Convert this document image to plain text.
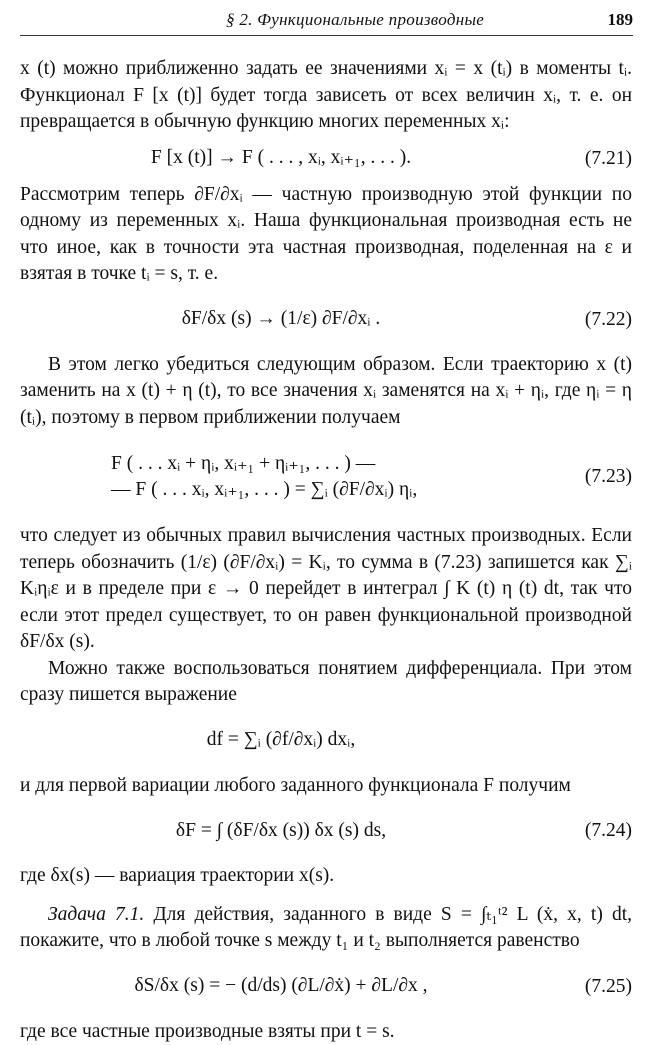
§ 2. Функциональные производные	189

x (t) можно приближенно задать ее значениями xᵢ = x (tᵢ) в моменты tᵢ. Функционал F [x (t)] будет тогда зависеть от всех величин xᵢ, т. е. он превращается в обычную функцию многих переменных xᵢ:

F [x (t)] → F ( . . . , xᵢ, xᵢ₊₁, . . . ).	(7.21)

Рассмотрим теперь ∂F/∂xᵢ — частную производную этой функции по одному из переменных xᵢ. Наша функциональная производная есть не что иное, как в точности эта частная производная, поделенная на ε и взятая в точке tᵢ = s, т. е.

δF/δx (s) → (1/ε) ∂F/∂xᵢ .	(7.22)

В этом легко убедиться следующим образом. Если траекторию x (t) заменить на x (t) + η (t), то все значения xᵢ заменятся на xᵢ + ηᵢ, где ηᵢ = η (tᵢ), поэтому в первом приближении получаем

F ( . . . xᵢ + ηᵢ, xᵢ₊₁ + ηᵢ₊₁, . . . ) —
— F ( . . . xᵢ, xᵢ₊₁, . . . ) = ∑ᵢ (∂F/∂xᵢ) ηᵢ,
(7.23)

что следует из обычных правил вычисления частных производных. Если теперь обозначить (1/ε) (∂F/∂xᵢ) = Kᵢ, то сумма в (7.23) запишется как ∑ᵢ Kᵢηᵢε и в пределе при ε → 0 перейдет в интеграл ∫ K (t) η (t) dt, так что если этот предел существует, то он равен функциональной производной δF/δx (s).

Можно также воспользоваться понятием дифференциала. При этом сразу пишется выражение

df = ∑ᵢ (∂f/∂xᵢ) dxᵢ,

и для первой вариации любого заданного функционала F получим

δF = ∫ (δF/δx (s)) δx (s) ds,	(7.24)

где δx(s) — вариация траектории x(s).

Задача 7.1. Для действия, заданного в виде S = ∫ₜ₁ᵗ² L (ẋ, x, t) dt, покажите, что в любой точке s между t₁ и t₂ выполняется равенство

δS/δx (s) = − (d/ds) (∂L/∂ẋ) + ∂L/∂x ,	(7.25)

где все частные производные взяты при t = s.
